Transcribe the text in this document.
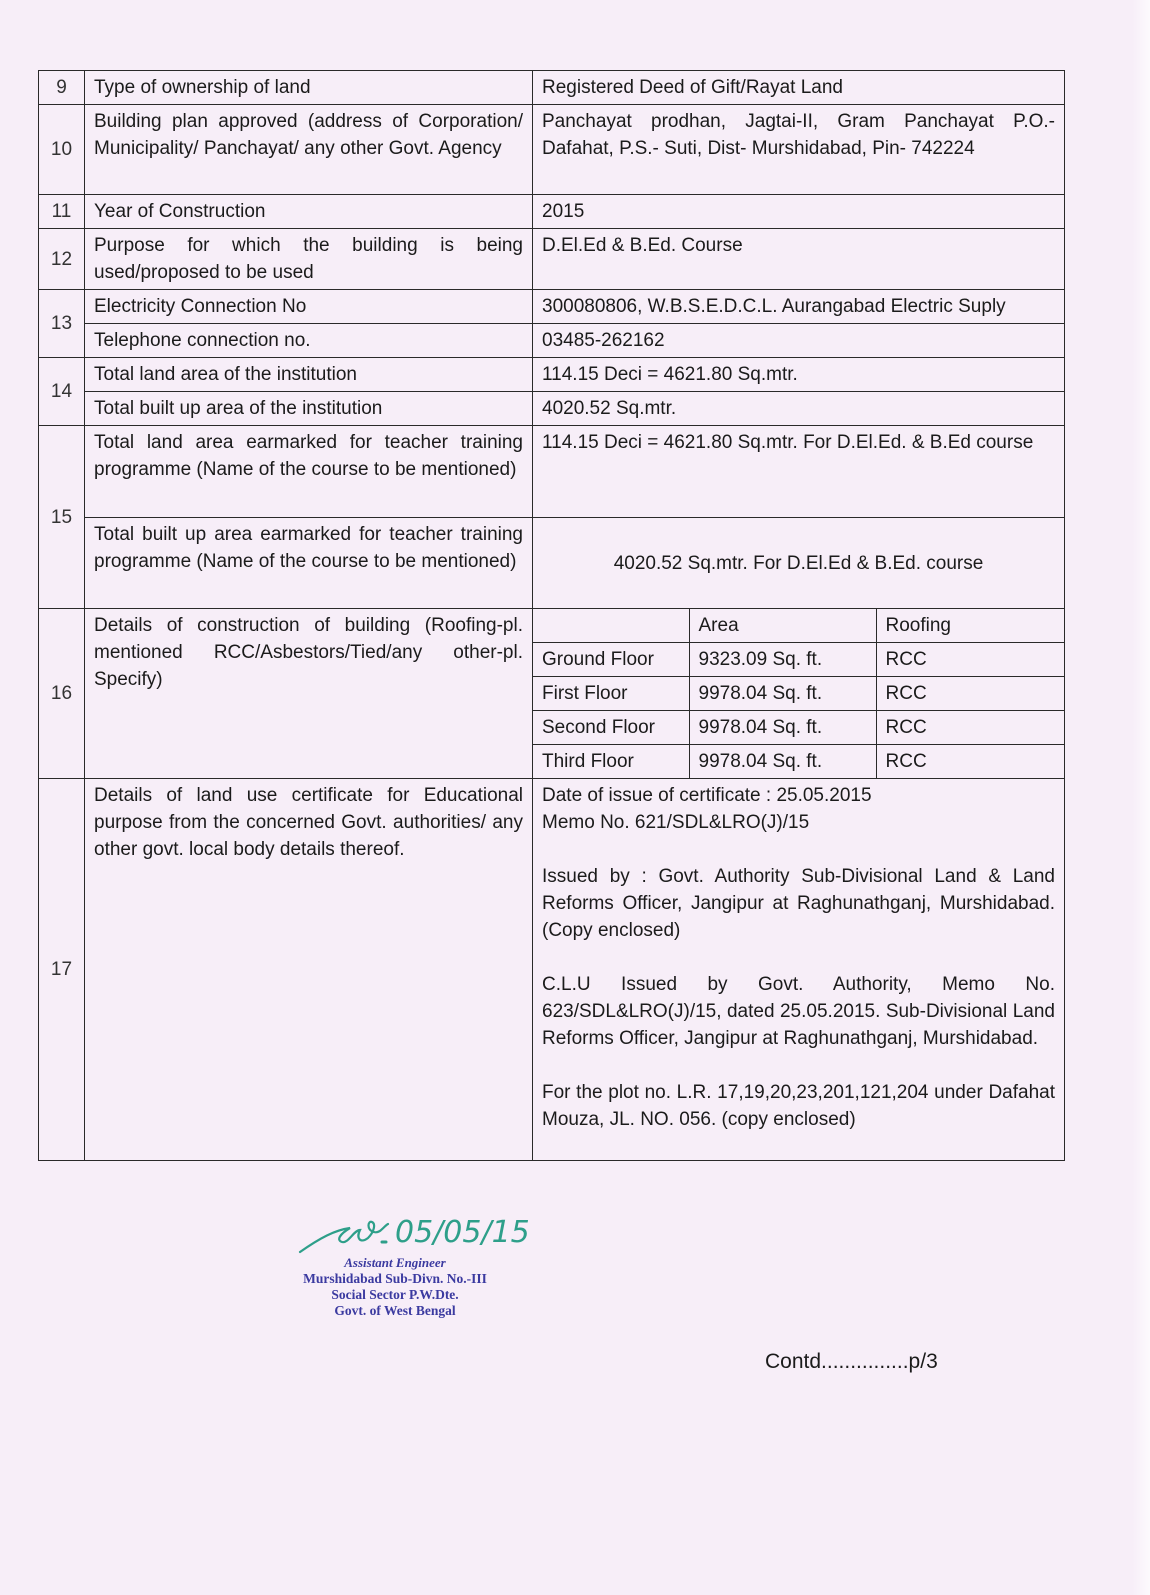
9	Type of ownership of land	Registered Deed of Gift/Rayat Land
10	Building plan approved (address of Corporation/ Municipality/ Panchayat/ any other Govt. Agency	Panchayat prodhan, Jagtai-II, Gram Panchayat P.O.- Dafahat, P.S.- Suti, Dist- Murshidabad, Pin- 742224
11	Year of Construction	2015
12	Purpose for which the building is being used/proposed to be used	D.El.Ed & B.Ed. Course
13	Electricity Connection No	300080806, W.B.S.E.D.C.L. Aurangabad Electric Suply
Telephone connection no.	03485-262162
14	Total land area of the institution	114.15 Deci = 4621.80 Sq.mtr.
Total built up area of the institution	4020.52 Sq.mtr.
15	Total land area earmarked for teacher training programme (Name of the course to be mentioned)	114.15 Deci = 4621.80 Sq.mtr. For D.El.Ed. & B.Ed course
Total built up area earmarked for teacher training programme (Name of the course to be mentioned)	4020.52 Sq.mtr. For D.El.Ed & B.Ed. course
16	Details of construction of building (Roofing-pl. mentioned RCC/Asbestors/Tied/any other-pl. Specify)	
	Area	Roofing
Ground Floor	9323.09 Sq. ft.	RCC
First Floor	9978.04 Sq. ft.	RCC
Second Floor	9978.04 Sq. ft.	RCC
Third Floor	9978.04 Sq. ft.	RCC

17	Details of land use certificate for Educational purpose from the concerned Govt. authorities/ any other govt. local body details thereof.	
Date of issue of certificate : 25.05.2015
Memo No. 621/SDL&LRO(J)/15
Issued by : Govt. Authority Sub-Divisional Land & Land Reforms Officer, Jangipur at Raghunathganj, Murshidabad. (Copy enclosed)
C.L.U Issued by Govt. Authority, Memo No. 623/SDL&LRO(J)/15, dated 25.05.2015. Sub-Divisional Land Reforms Officer, Jangipur at Raghunathganj, Murshidabad.
For the plot no. L.R. 17,19,20,23,201,121,204 under Dafahat Mouza, JL. NO. 056. (copy enclosed)
05/05/15
Assistant Engineer
Murshidabad Sub-Divn. No.-III
Social Sector P.W.Dte.
Govt. of West Bengal
Contd...............p/3
